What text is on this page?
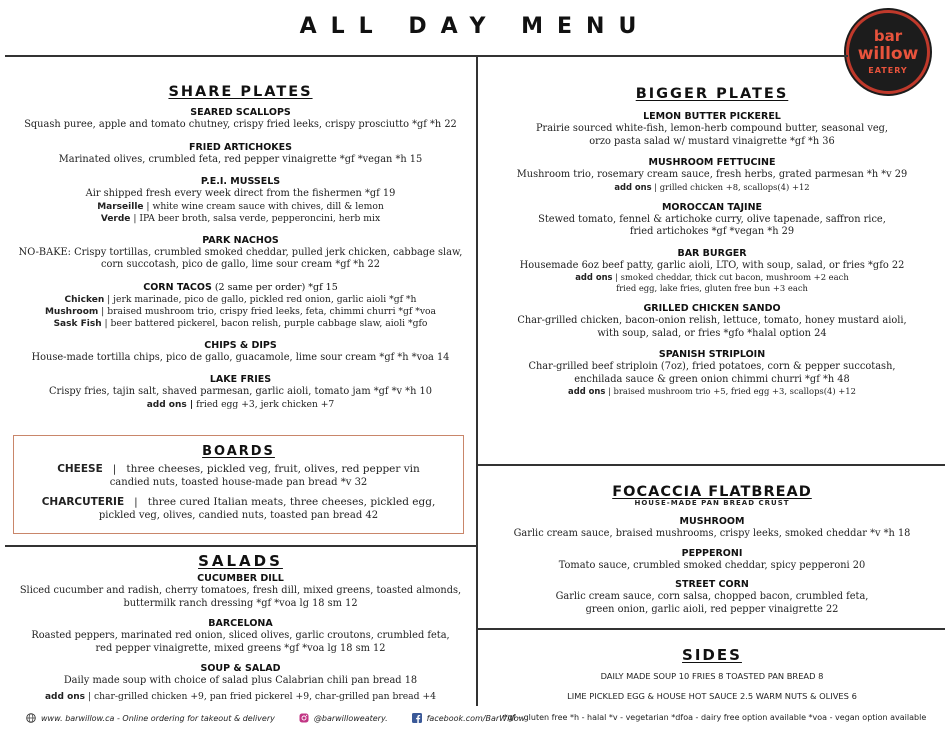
ALL DAY MENU	bar
willow
EATERY
SHARE PLATES
SEARED SCALLOPS
Squash puree, apple and tomato chutney, crispy fried leeks, crispy prosciutto *gf *h 22
FRIED ARTICHOKES
Marinated olives, crumbled feta, red pepper vinaigrette *gf *vegan *h 15
P.E.I. MUSSELS
Air shipped fresh every week direct from the fishermen *gf 19
Marseille | white wine cream sauce with chives, dill & lemon
Verde | IPA beer broth, salsa verde, pepperoncini, herb mix
PARK NACHOS
NO-BAKE: Crispy tortillas, crumbled smoked cheddar, pulled jerk chicken, cabbage slaw,
corn succotash, pico de gallo, lime sour cream *gf *h 22
CORN TACOS (2 same per order) *gf 15
Chicken | jerk marinade, pico de gallo, pickled red onion, garlic aioli *gf *h
Mushroom | braised mushroom trio, crispy fried leeks, feta, chimmi churri *gf *voa
Sask Fish | beer battered pickerel, bacon relish, purple cabbage slaw, aioli *gfo
CHIPS & DIPS
House-made tortilla chips, pico de gallo, guacamole, lime sour cream *gf *h *voa 14
LAKE FRIES
Crispy fries, tajin salt, shaved parmesan, garlic aioli, tomato jam *gf *v *h 10
add ons | fried egg +3, jerk chicken +7
BOARDS
CHEESE   |   three cheeses, pickled veg, fruit, olives, red pepper vin
candied nuts, toasted house-made pan bread *v 32
CHARCUTERIE   |   three cured Italian meats, three cheeses, pickled egg,
pickled veg, olives, candied nuts, toasted pan bread 42
SALADS
CUCUMBER DILL
Sliced cucumber and radish, cherry tomatoes, fresh dill, mixed greens, toasted almonds,
buttermilk ranch dressing *gf *voa lg 18 sm 12
BARCELONA
Roasted peppers, marinated red onion, sliced olives, garlic croutons, crumbled feta,
red pepper vinaigrette, mixed greens *gf *voa lg 18 sm 12
SOUP & SALAD
Daily made soup with choice of salad plus Calabrian chili pan bread 18
add ons | char-grilled chicken +9, pan fried pickerel +9, char-grilled pan bread +4
BIGGER PLATES
LEMON BUTTER PICKEREL
Prairie sourced white-fish, lemon-herb compound butter, seasonal veg,
orzo pasta salad w/ mustard vinaigrette *gf *h 36
MUSHROOM FETTUCINE
Mushroom trio, rosemary cream sauce, fresh herbs, grated parmesan *h *v 29
add ons | grilled chicken +8, scallops(4) +12
MOROCCAN TAJINE
Stewed tomato, fennel & artichoke curry, olive tapenade, saffron rice,
fried artichokes *gf *vegan *h 29
BAR BURGER
Housemade 6oz beef patty, garlic aioli, LTO, with soup, salad, or fries *gfo 22
add ons | smoked cheddar, thick cut bacon, mushroom +2 each
fried egg, lake fries, gluten free bun +3 each
GRILLED CHICKEN SANDO
Char-grilled chicken, bacon-onion relish, lettuce, tomato, honey mustard aioli,
with soup, salad, or fries *gfo *halal option 24
SPANISH STRIPLOIN
Char-grilled beef striploin (7oz), fried potatoes, corn & pepper succotash,
enchilada sauce & green onion chimmi churri *gf *h 48
add ons | braised mushroom trio +5, fried egg +3, scallops(4) +12
FOCACCIA FLATBREAD
HOUSE-MADE PAN BREAD CRUST
MUSHROOM
Garlic cream sauce, braised mushrooms, crispy leeks, smoked cheddar *v *h 18
PEPPERONI
Tomato sauce, crumbled smoked cheddar, spicy pepperoni 20
STREET CORN
Garlic cream sauce, corn salsa, chopped bacon, crumbled feta,
green onion, garlic aioli, red pepper vinaigrette 22
SIDES
DAILY MADE SOUP 10 FRIES 8 TOASTED PAN BREAD 8
LIME PICKLED EGG & HOUSE HOT SAUCE 2.5 WARM NUTS & OLIVES 6
www. barwillow.ca - Online ordering for takeout & delivery	@barwilloweatery.	facebook.com/BarWillow
*gf - gluten free *h - halal *v - vegetarian *dfoa - dairy free option available *voa - vegan option available
